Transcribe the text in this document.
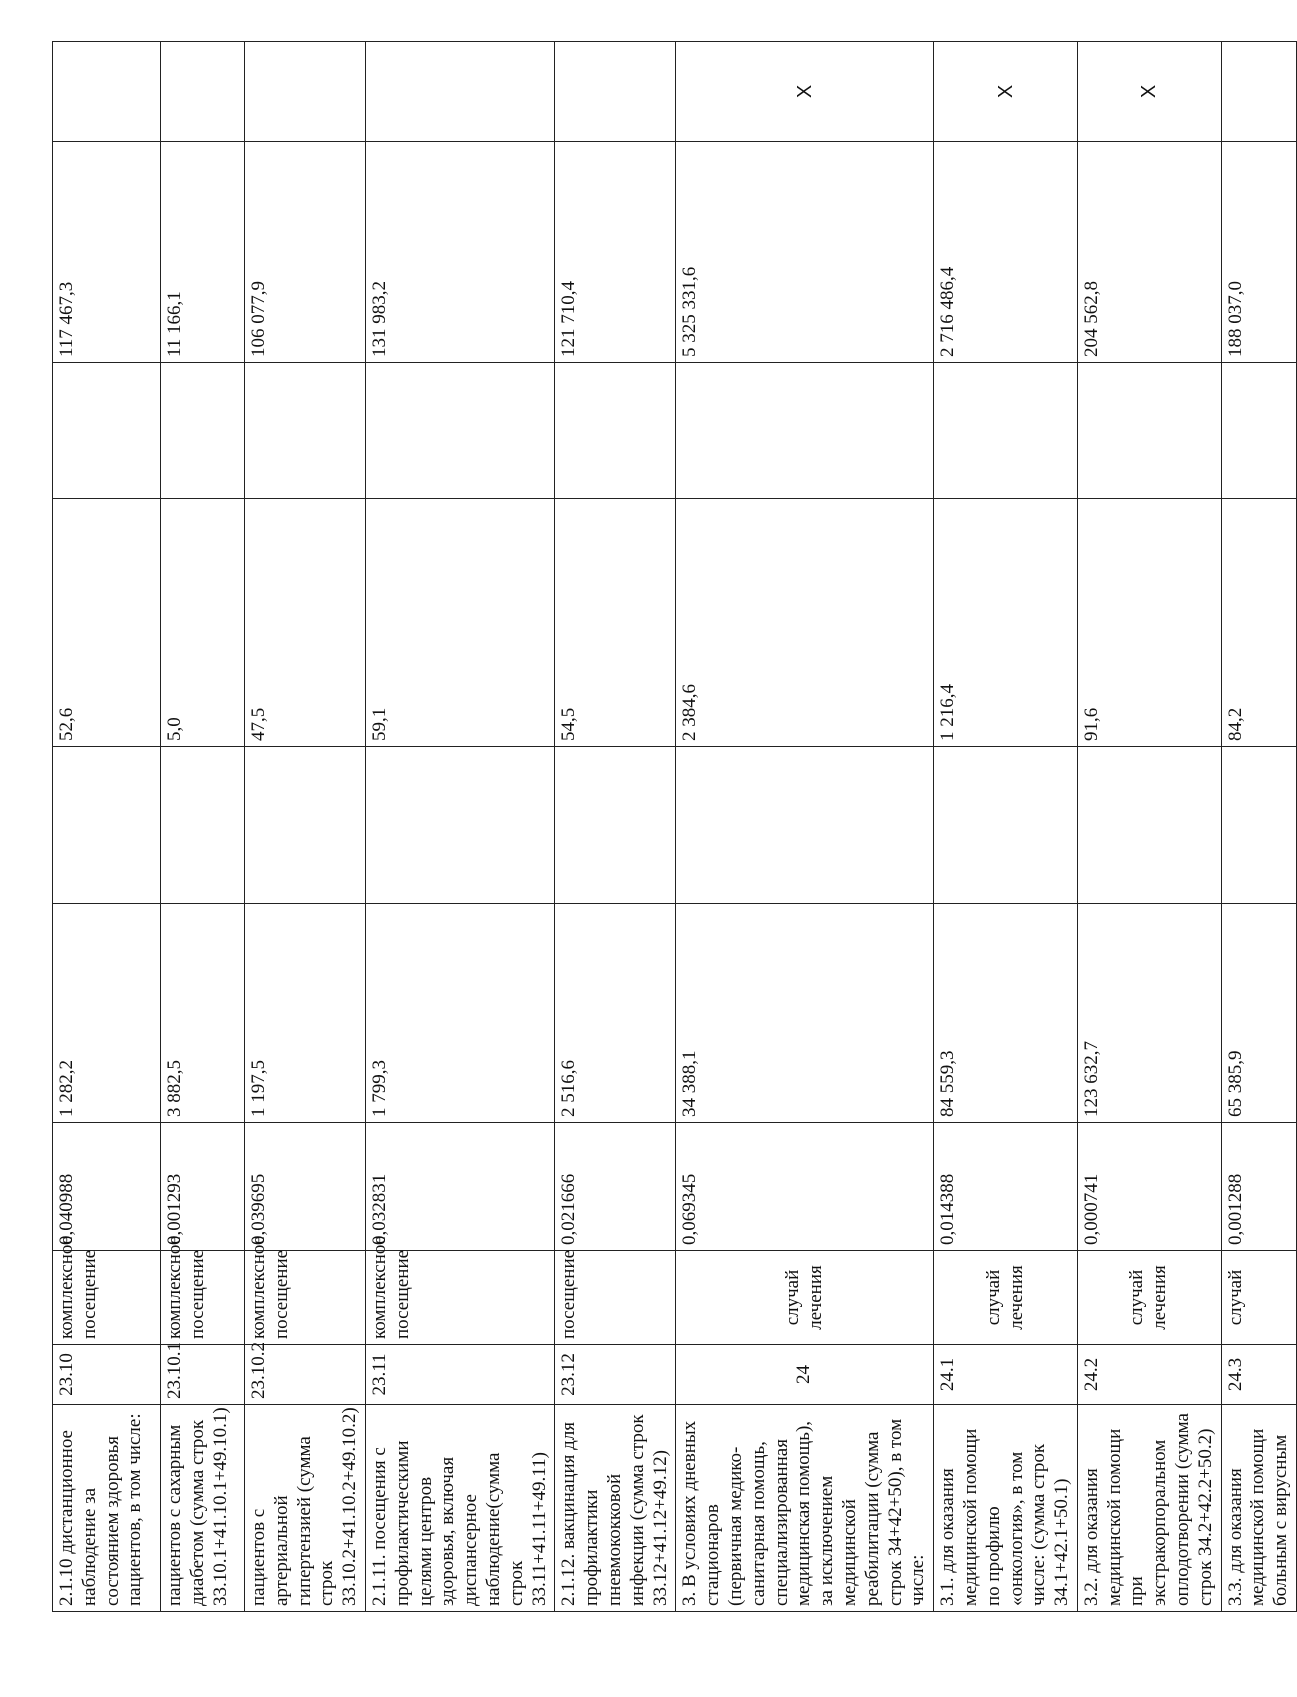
2.1.10 дистанционное наблюдение за состоянием здоровья пациентов, в том числе:	23.10	комплексное посещение	0,040988	1 282,2		52,6		117 467,3	
пациентов с сахарным диабетом (сумма строк 33.10.1+41.10.1+49.10.1)	23.10.1	комплексное посещение	0,001293	3 882,5		5,0		11 166,1	
пациентов с артериальной гипертензией (сумма строк 33.10.2+41.10.2+49.10.2)	23.10.2	комплексное посещение	0,039695	1 197,5		47,5		106 077,9	
2.1.11. посещения с профилактическими целями центров здоровья, включая диспансерное наблюдение(сумма строк 33.11+41.11+49.11)	23.11	комплексное посещение	0,032831	1 799,3		59,1		131 983,2	
2.1.12. вакцинация для профилактики пневмококковой инфекции (сумма строк 33.12+41.12+49.12)	23.12	посещение	0,021666	2 516,6		54,5		121 710,4	
3. В условиях дневных стационаров (первичная медико-санитарная помощь, специализированная медицинская помощь), за исключением медицинской реабилитации (сумма строк 34+42+50), в том числе:	24	случай лечения	0,069345	34 388,1		2 384,6		5 325 331,6	Х
3.1. для оказания медицинской помощи по профилю «онкология», в том числе: (сумма строк 34.1+42.1+50.1)	24.1	случай лечения	0,014388	84 559,3		1 216,4		2 716 486,4	Х
3.2. для оказания медицинской помощи при экстракорпоральном оплодотворении (сумма строк 34.2+42.2+50.2)	24.2	случай лечения	0,000741	123 632,7		91,6		204 562,8	Х
3.3. для оказания медицинской помощи больным с вирусным	24.3	случай	0,001288	65 385,9		84,2		188 037,0	
